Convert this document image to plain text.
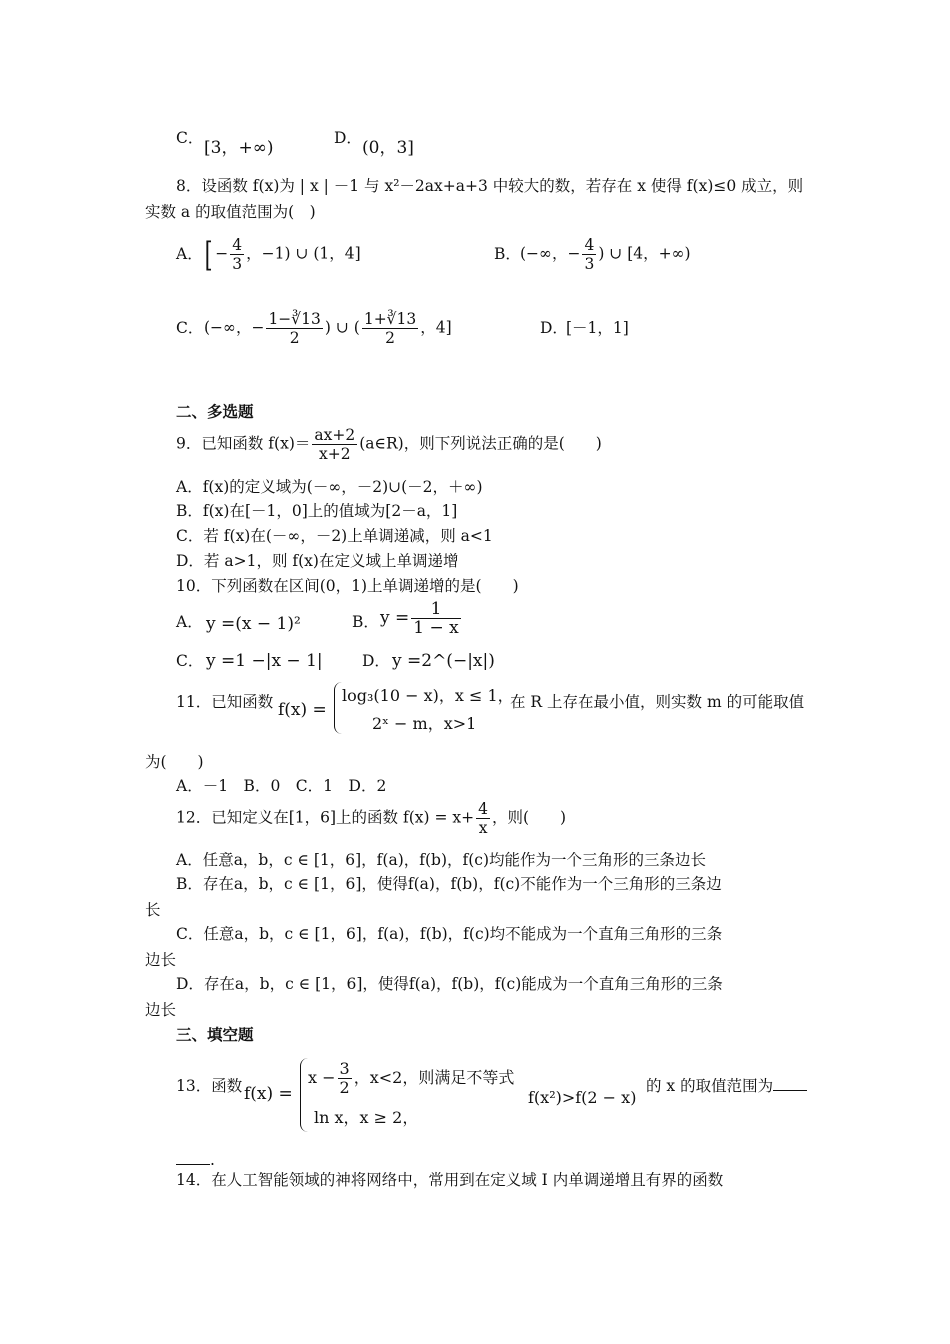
C． [3，+∞)	D． (0，3]
8．设函数 f(x)为 | x | －1 与 x²－2ax+a+3 中较大的数，若存在 x 使得 f(x)≤0 成立，则
实数 a 的取值范围为(　)
A． [ − $\frac{4}{3}$ ，−1) ∪ (1，4]	B． (−∞，− $\frac{4}{3}$ ) ∪ [4，+∞)
C． (−∞，− $\frac{1-∛13}{2}$ ) ∪ ( $\frac{1+∛13}{2}$ ，4]	D．
[－1，1]
二、多选题
9．已知函数 $f(x)= \frac{ax+2}{x+2}$ (a∈R)，则下列说法正确的是(　　)
A．f(x)的定义域为(－∞，－2)∪(－2，＋∞)
B．f(x)在[－1，0]上的值域为[2－a，1]
C．若 f(x)在(－∞，－2)上单调递减，则 a<1
D．若 a>1，则 f(x)在定义域上单调递增
10．下列函数在区间(0，1)上单调递增的是(　　)
A． y =(x − 1)²	B． $y = \frac{1}{1 - x}$
C． y =1 −|x − 1|	D． y =2^(−|x|)
11．已知函数 f(x) =
log₃(10 − x)，x ≤ 1，
2ˣ − m，x>1
在 R 上存在最小值，则实数 m 的可能取值
为(　　)
A．－1　B．0　C．1　D．2
12．已知定义在[1，6]上的函数 $f(x) = x+ \frac{4}{x}$ ，则(　　)
A．任意a，b，c ∈ [1，6]，f(a)，f(b)，f(c)均能作为一个三角形的三条边长
B．存在a，b，c ∈ [1，6]，使得f(a)，f(b)，f(c)不能作为一个三角形的三条边
长
C．任意a，b，c ∈ [1，6]，f(a)，f(b)，f(c)均不能成为一个直角三角形的三条
边长
D．存在a，b，c ∈ [1，6]，使得f(a)，f(b)，f(c)能成为一个直角三角形的三条
边长
三、填空题
13．函数 f(x) =
$x - \frac{3}{2}$ ，x<2，则满足不等式
ln x，x ≥ 2，
f(x²)>f(2 − x)
的 x 的取值范围为
.
14．在人工智能领域的神将网络中，常用到在定义域 I 内单调递增且有界的函数
